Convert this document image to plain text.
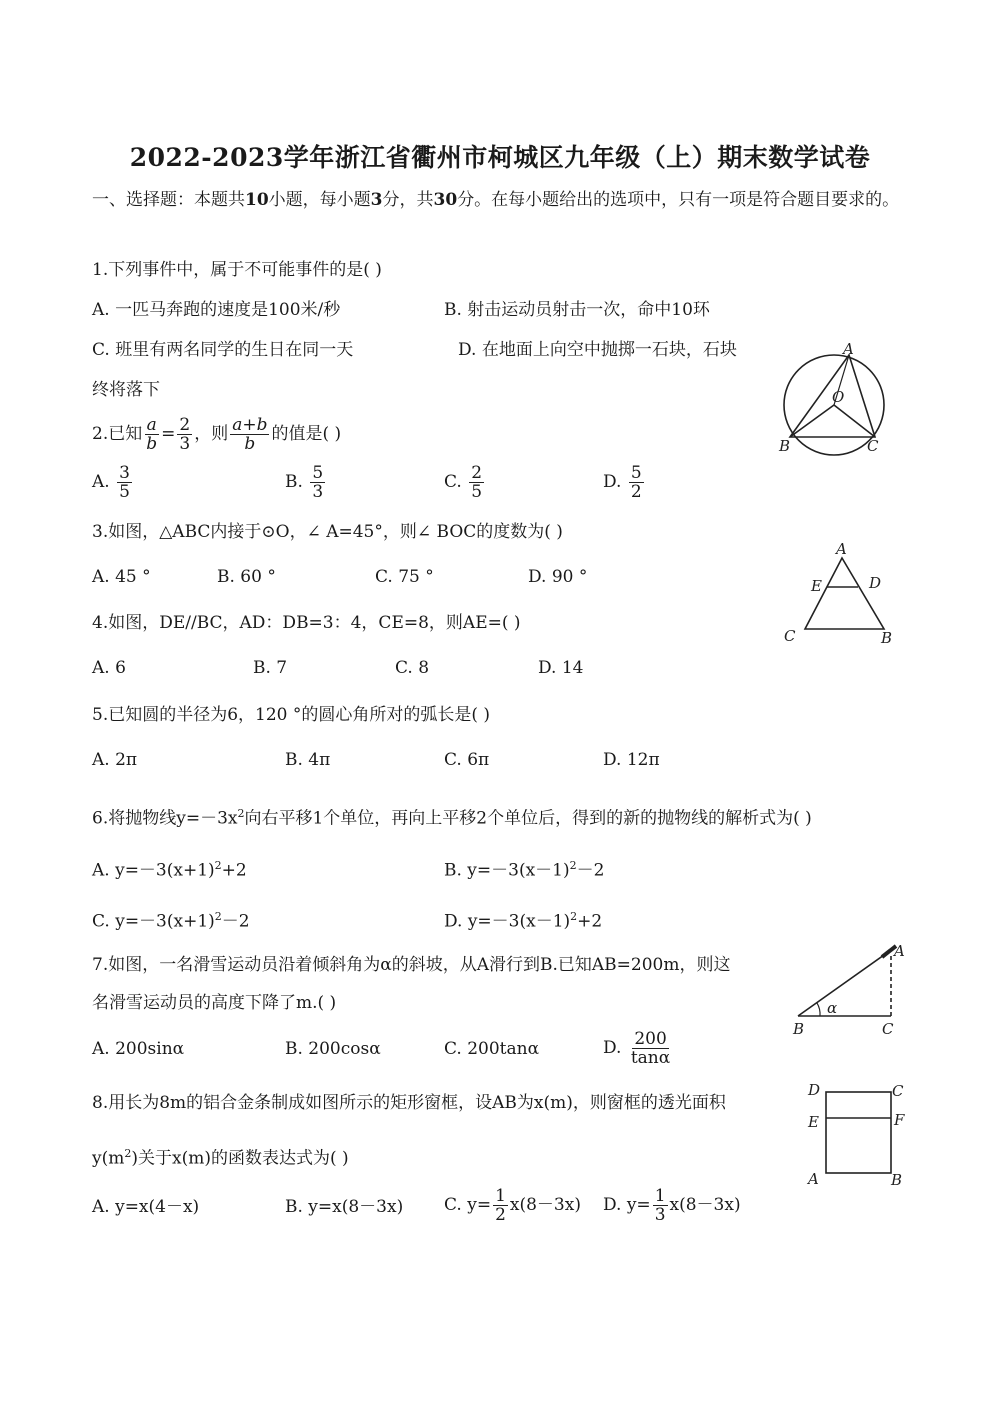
2022-2023学年浙江省衢州市柯城区九年级（上）期末数学试卷
一、选择题：本题共10小题，每小题3分，共30分。在每小题给出的选项中，只有一项是符合题目要求的。
1.下列事件中，属于不可能事件的是( )
A. 一匹马奔跑的速度是100米/秒	B. 射击运动员射击一次，命中10环
C. 班里有两名同学的生日在同一天	D. 在地面上向空中抛掷一石块，石块
终将落下
2.已知 $\frac{a}{b} = \frac{2}{3}$ ，则 $\frac{a+b}{b}$ 的值是( )
A. $\frac{3}{5}$	B. $\frac{5}{3}$	C. $\frac{2}{5}$	D. $\frac{5}{2}$
3.如图，△ABC内接于⊙O，∠ A=45°，则∠ BOC的度数为( )
A. 45 °	B. 60 °	C. 75 °	D. 90 °
4.如图，DE//BC，AD：DB=3：4，CE=8，则AE=( )
A. 6	B. 7	C. 8	D. 14
5.已知圆的半径为6，120 °的圆心角所对的弧长是( )
A. 2π	B. 4π	C. 6π	D. 12π
6.将抛物线$y=-3x^2$向右平移1个单位，再向上平移2个单位后，得到的新的抛物线的解析式为( )
A. $y=-3(x+1)^2+2$	B. $y=-3(x-1)^2-2$
C. $y=-3(x+1)^2-2$	D. $y=-3(x-1)^2+2$
7.如图，一名滑雪运动员沿着倾斜角为α的斜坡，从A滑行到B.已知AB=200m，则这
名滑雪运动员的高度下降了m.( )
A. 200sinα	B. 200cosα	C. 200tanα	D. $\frac{200}{\tan\alpha}$
8.用长为8m的铝合金条制成如图所示的矩形窗框，设AB为x(m)，则窗框的透光面积
$y(m^2)$关于x(m)的函数表达式为( )
A. y=x(4－x)	B. y=x(8－3x) C. $y= \frac{1}{2} x(8-3x)$ D. $y= \frac{1}{3} x(8-3x)$
A
O
B	C
A
E	D
C	B
A
α
B	C
D	C
E	F
A	B
